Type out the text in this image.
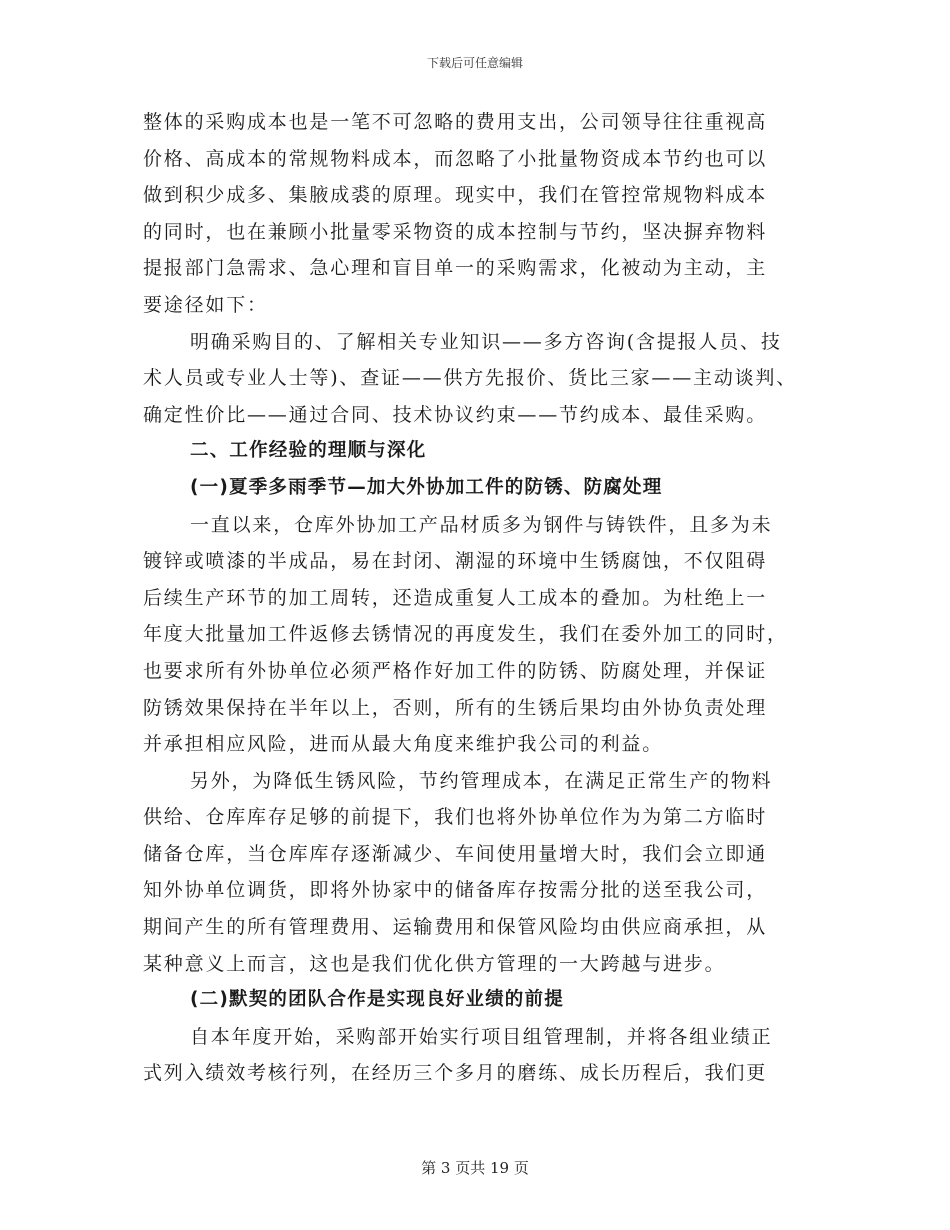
下载后可任意编辑
整体的采购成本也是一笔不可忽略的费用支出，公司领导往往重视高
价格、高成本的常规物料成本，而忽略了小批量物资成本节约也可以
做到积少成多、集腋成裘的原理。现实中，我们在管控常规物料成本
的同时，也在兼顾小批量零采物资的成本控制与节约，坚决摒弃物料
提报部门急需求、急心理和盲目单一的采购需求，化被动为主动，主
要途径如下：
明确采购目的、了解相关专业知识——多方咨询(含提报人员、技
术人员或专业人士等)、查证——供方先报价、货比三家——主动谈判、
确定性价比——通过合同、技术协议约束——节约成本、最佳采购。
二、工作经验的理顺与深化
(一)夏季多雨季节—加大外协加工件的防锈、防腐处理
一直以来，仓库外协加工产品材质多为钢件与铸铁件，且多为未
镀锌或喷漆的半成品，易在封闭、潮湿的环境中生锈腐蚀，不仅阻碍
后续生产环节的加工周转，还造成重复人工成本的叠加。为杜绝上一
年度大批量加工件返修去锈情况的再度发生，我们在委外加工的同时，
也要求所有外协单位必须严格作好加工件的防锈、防腐处理，并保证
防锈效果保持在半年以上，否则，所有的生锈后果均由外协负责处理
并承担相应风险，进而从最大角度来维护我公司的利益。
另外，为降低生锈风险，节约管理成本，在满足正常生产的物料
供给、仓库库存足够的前提下，我们也将外协单位作为为第二方临时
储备仓库，当仓库库存逐渐减少、车间使用量增大时，我们会立即通
知外协单位调货，即将外协家中的储备库存按需分批的送至我公司，
期间产生的所有管理费用、运输费用和保管风险均由供应商承担，从
某种意义上而言，这也是我们优化供方管理的一大跨越与进步。
(二)默契的团队合作是实现良好业绩的前提
自本年度开始，采购部开始实行项目组管理制，并将各组业绩正
式列入绩效考核行列，在经历三个多月的磨练、成长历程后，我们更
第 3 页共 19 页
